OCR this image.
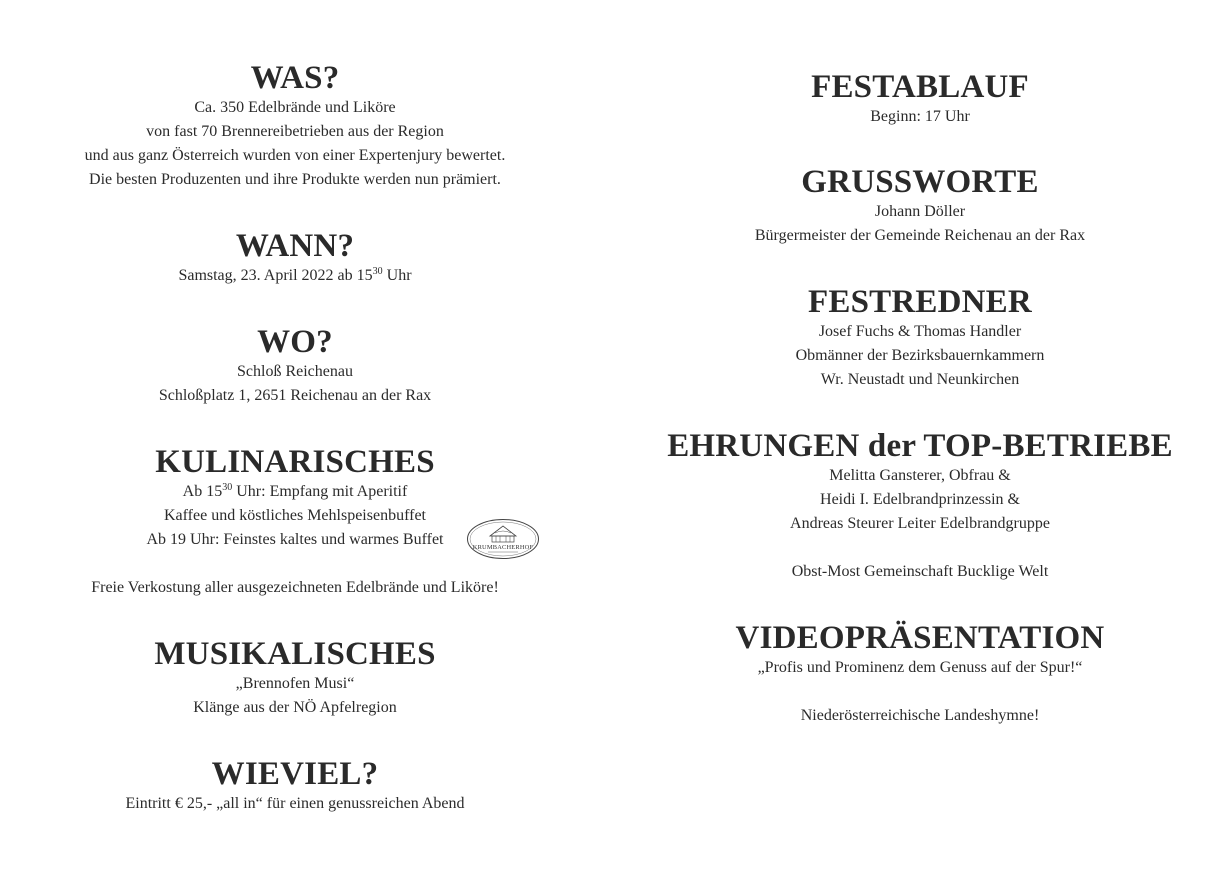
WAS?

Ca. 350 Edelbrände und Liköre

von fast 70 Brennereibetrieben aus der Region

und aus ganz Österreich wurden von einer Expertenjury bewertet.

Die besten Produzenten und ihre Produkte werden nun prämiert.

WANN?

Samstag, 23. April 2022 ab $15^{30}$ Uhr

WO?

Schloß Reichenau

Schloßplatz 1, 2651 Reichenau an der Rax

KULINARISCHES

Ab $15^{30}$ Uhr: Empfang mit Aperitif

Kaffee und köstliches Mehlspeisenbuffet

Ab 19 Uhr: Feinstes kaltes und warmes Buffet

Freie Verkostung aller ausgezeichneten Edelbrände und Liköre!

MUSIKALISCHES

„Brennofen Musi“

Klänge aus der NÖ Apfelregion

WIEVIEL?

Eintritt € 25,- „all in“ für einen genussreichen Abend

KRUMBACHERHOF
FESTABLAUF

Beginn: 17 Uhr

GRUSSWORTE

Johann Döller

Bürgermeister der Gemeinde Reichenau an der Rax

FESTREDNER

Josef Fuchs & Thomas Handler

Obmänner der Bezirksbauernkammern

Wr. Neustadt und Neunkirchen

EHRUNGEN der TOP-BETRIEBE

Melitta Gansterer, Obfrau &

Heidi I. Edelbrandprinzessin &

Andreas Steurer Leiter Edelbrandgruppe

Obst-Most Gemeinschaft Bucklige Welt

VIDEOPRÄSENTATION

„Profis und Prominenz dem Genuss auf der Spur!“

Niederösterreichische Landeshymne!
